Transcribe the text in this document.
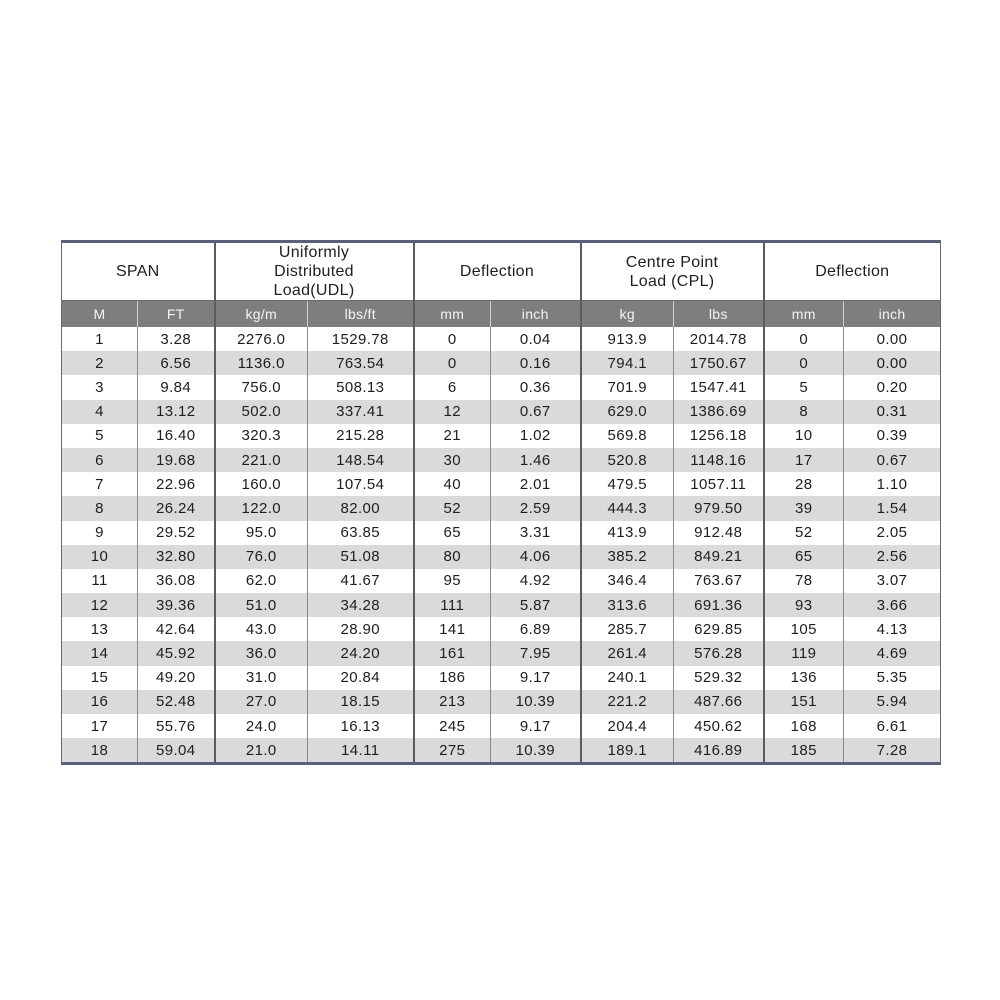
SPAN		Uniformly Distributed Load(UDL)		Deflection		Centre Point Load (CPL)		Deflection	
M	FT	kg/m	lbs/ft	mm	inch	kg	lbs	mm	inch
1	3.28	2276.0	1529.78	0	0.04	913.9	2014.78	0	0.00
2	6.56	1136.0	763.54	0	0.16	794.1	1750.67	0	0.00
3	9.84	756.0	508.13	6	0.36	701.9	1547.41	5	0.20
4	13.12	502.0	337.41	12	0.67	629.0	1386.69	8	0.31
5	16.40	320.3	215.28	21	1.02	569.8	1256.18	10	0.39
6	19.68	221.0	148.54	30	1.46	520.8	1148.16	17	0.67
7	22.96	160.0	107.54	40	2.01	479.5	1057.11	28	1.10
8	26.24	122.0	82.00	52	2.59	444.3	979.50	39	1.54
9	29.52	95.0	63.85	65	3.31	413.9	912.48	52	2.05
10	32.80	76.0	51.08	80	4.06	385.2	849.21	65	2.56
11	36.08	62.0	41.67	95	4.92	346.4	763.67	78	3.07
12	39.36	51.0	34.28	111	5.87	313.6	691.36	93	3.66
13	42.64	43.0	28.90	141	6.89	285.7	629.85	105	4.13
14	45.92	36.0	24.20	161	7.95	261.4	576.28	119	4.69
15	49.20	31.0	20.84	186	9.17	240.1	529.32	136	5.35
16	52.48	27.0	18.15	213	10.39	221.2	487.66	151	5.94
17	55.76	24.0	16.13	245	9.17	204.4	450.62	168	6.61
18	59.04	21.0	14.11	275	10.39	189.1	416.89	185	7.28
